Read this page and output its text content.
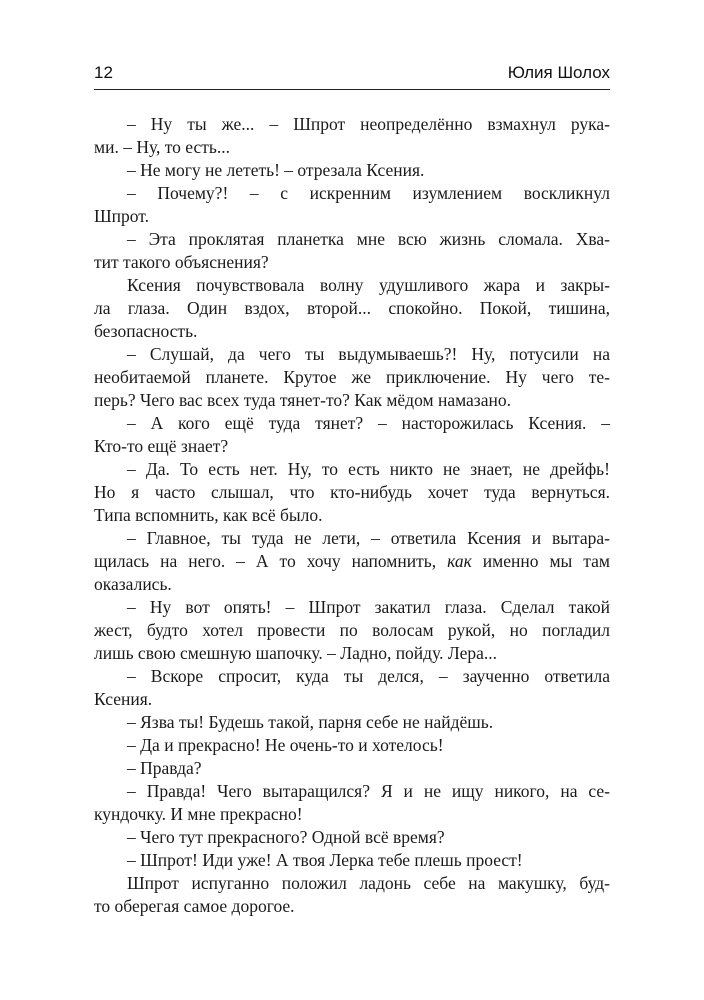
12	Юлия Шолох
– Ну ты же... – Шпрот неопределённо взмахнул рука-
ми. – Ну, то есть...
– Не могу не лететь! – отрезала Ксения.
– Почему?! – с искренним изумлением воскликнул
Шпрот.
– Эта проклятая планетка мне всю жизнь сломала. Хва-
тит такого объяснения?
Ксения почувствовала волну удушливого жара и закры-
ла глаза. Один вздох, второй... спокойно. Покой, тишина,
безопасность.
– Слушай, да чего ты выдумываешь?! Ну, потусили на
необитаемой планете. Крутое же приключение. Ну чего те-
перь? Чего вас всех туда тянет-то? Как мёдом намазано.
– А кого ещё туда тянет? – насторожилась Ксения. –
Кто-то ещё знает?
– Да. То есть нет. Ну, то есть никто не знает, не дрейфь!
Но я часто слышал, что кто-нибудь хочет туда вернуться.
Типа вспомнить, как всё было.
– Главное, ты туда не лети, – ответила Ксения и вытара-
щилась на него. – А то хочу напомнить, как именно мы там
оказались.
– Ну вот опять! – Шпрот закатил глаза. Сделал такой
жест, будто хотел провести по волосам рукой, но погладил
лишь свою смешную шапочку. – Ладно, пойду. Лера...
– Вскоре спросит, куда ты делся, – заученно ответила
Ксения.
– Язва ты! Будешь такой, парня себе не найдёшь.
– Да и прекрасно! Не очень-то и хотелось!
– Правда?
– Правда! Чего вытаращился? Я и не ищу никого, на се-
кундочку. И мне прекрасно!
– Чего тут прекрасного? Одной всё время?
– Шпрот! Иди уже! А твоя Лерка тебе плешь проест!
Шпрот испуганно положил ладонь себе на макушку, буд-
то оберегая самое дорогое.
